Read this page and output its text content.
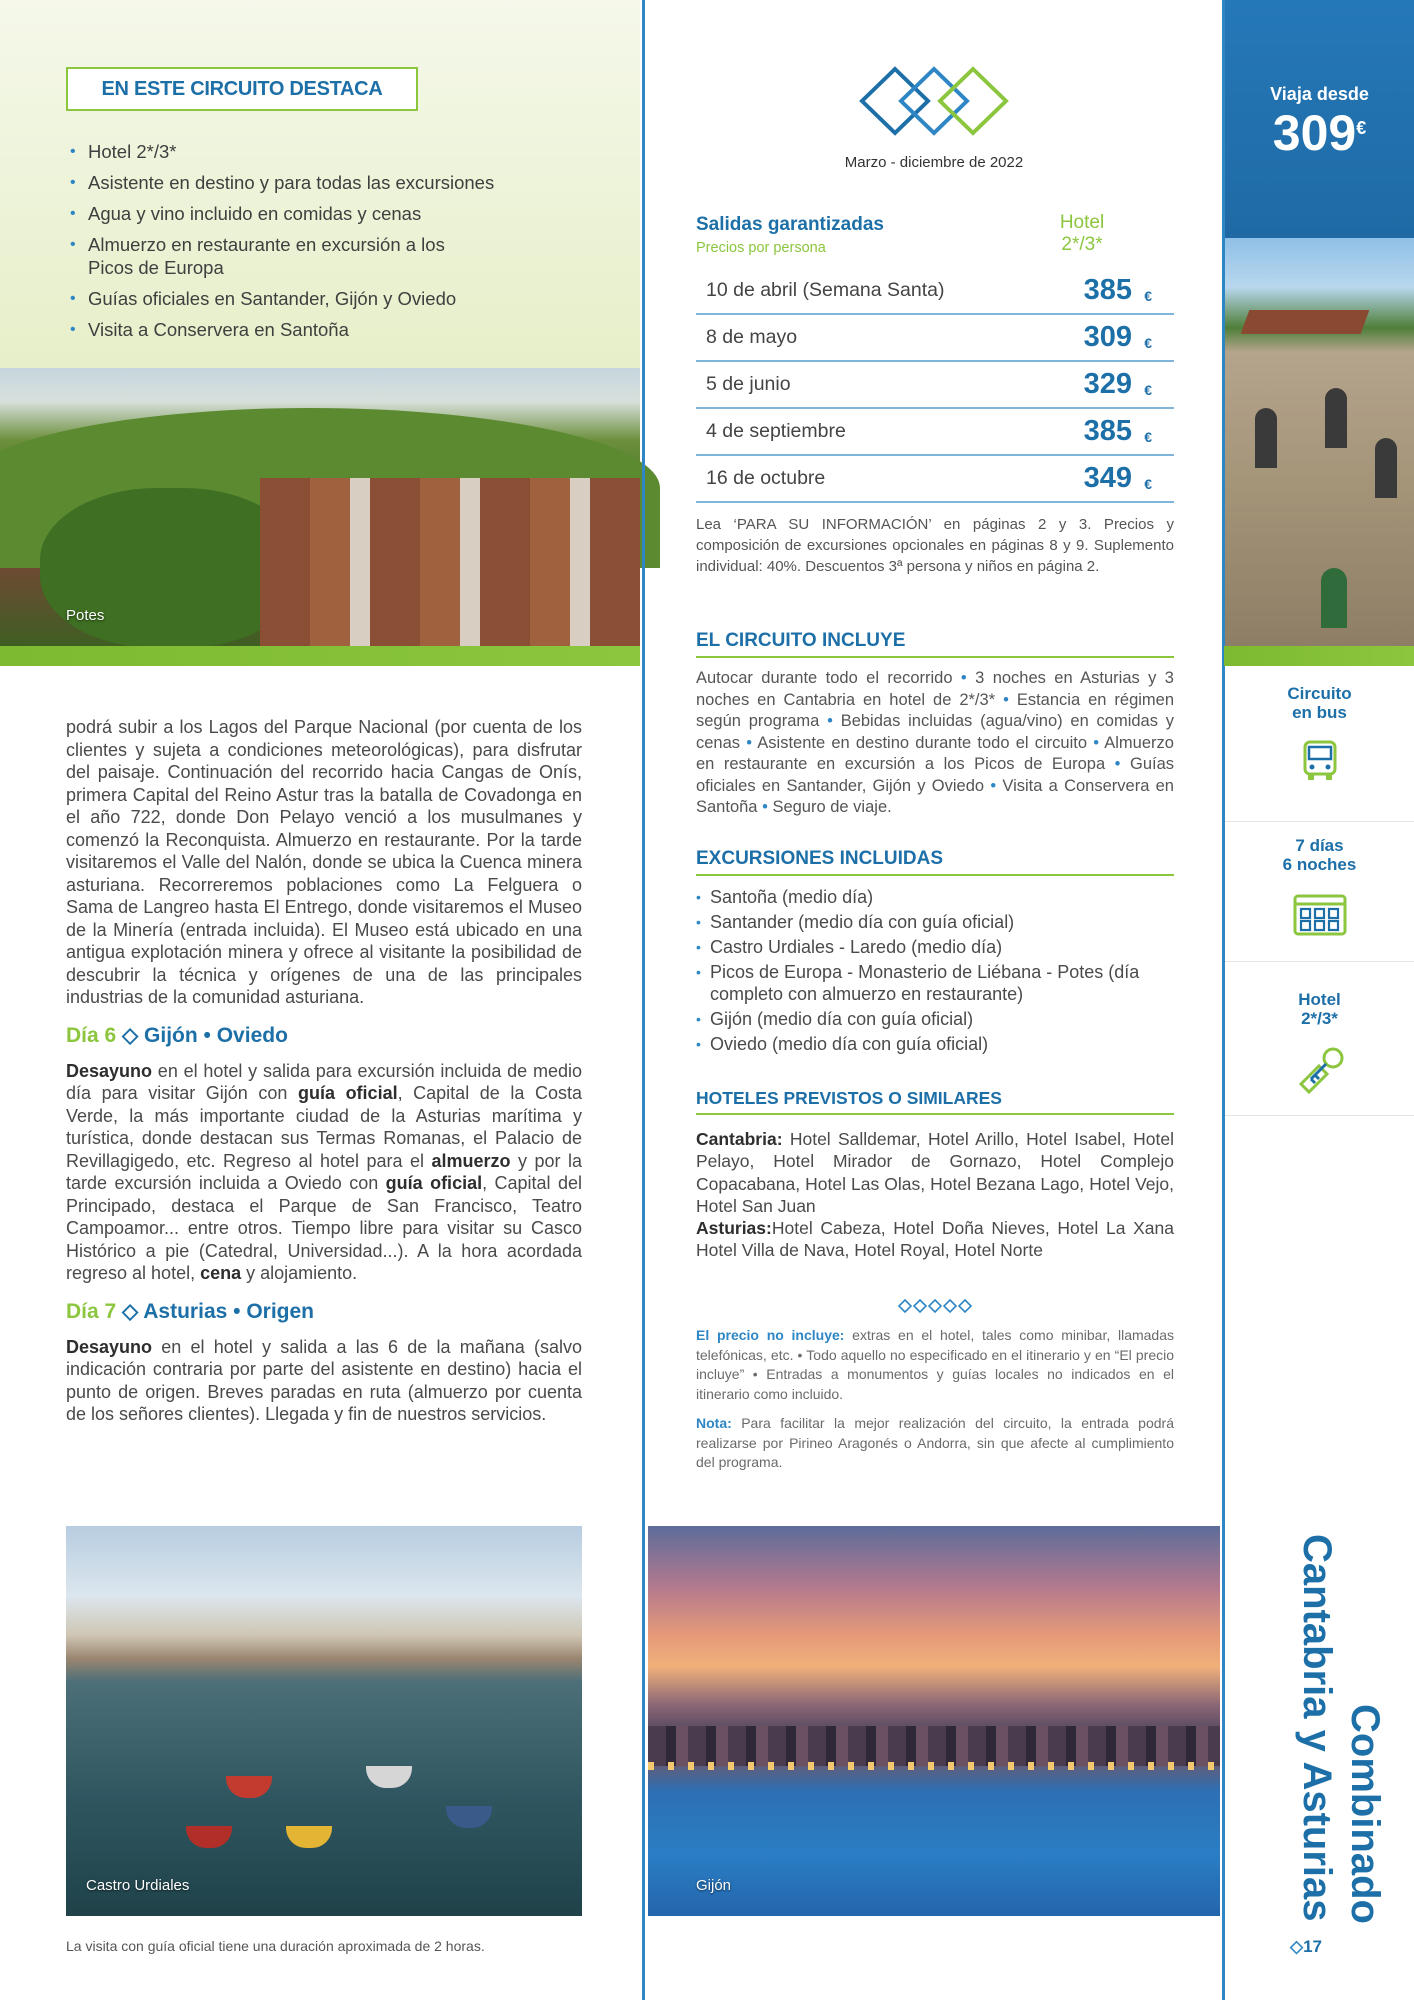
EN ESTE CIRCUITO DESTACA
• Hotel 2*/3*
• Asistente en destino y para todas las excursiones
• Agua y vino incluido en comidas y cenas
• Almuerzo en restaurante en excursión a los Picos de Europa
• Guías oficiales en Santander, Gijón y Oviedo
• Visita a Conservera en Santoña
Potes

podrá subir a los Lagos del Parque Nacional (por cuenta de los clientes y sujeta a condiciones meteorológicas), para disfrutar del paisaje. Continuación del recorrido hacia Cangas de Onís, primera Capital del Reino Astur tras la batalla de Covadonga en el año 722, donde Don Pelayo venció a los musulmanes y comenzó la Reconquista. Almuerzo en restaurante. Por la tarde visitaremos el Valle del Nalón, donde se ubica la Cuenca minera asturiana. Recorreremos poblaciones como La Felguera o Sama de Langreo hasta El Entrego, donde visitaremos el Museo de la Minería (entrada incluida). El Museo está ubicado en una antigua explotación minera y ofrece al visitante la posibilidad de descubrir la técnica y orígenes de una de las principales industrias de la comunidad asturiana.

Día 6 ◇ Gijón • Oviedo

Desayuno en el hotel y salida para excursión incluida de medio día para visitar Gijón con guía oficial, Capital de la Costa Verde, la más importante ciudad de la Asturias marítima y turística, donde destacan sus Termas Romanas, el Palacio de Revillagigedo, etc. Regreso al hotel para el almuerzo y por la tarde excursión incluida a Oviedo con guía oficial, Capital del Principado, destaca el Parque de San Francisco, Teatro Campoamor... entre otros. Tiempo libre para visitar su Casco Histórico a pie (Catedral, Universidad...). A la hora acordada regreso al hotel, cena y alojamiento.

Día 7 ◇ Asturias • Origen

Desayuno en el hotel y salida a las 6 de la mañana (salvo indicación contraria por parte del asistente en destino) hacia el punto de origen. Breves paradas en ruta (almuerzo por cuenta de los señores clientes). Llegada y fin de nuestros servicios.

Castro Urdiales
La visita con guía oficial tiene una duración aproximada de 2 horas.
Marzo - diciembre de 2022
Salidas garantizadas
Precios por persona
Hotel
2*/3*
10 de abril (Semana Santa)	385 €
8 de mayo	309 €
5 de junio	329 €
4 de septiembre	385 €
16 de octubre	349 €

Lea ‘PARA SU INFORMACIÓN’ en páginas 2 y 3. Precios y composición de excursiones opcionales en páginas 8 y 9. Suplemento individual: 40%. Descuentos 3ª persona y niños en página 2.

EL CIRCUITO INCLUYE

Autocar durante todo el recorrido • 3 noches en Asturias y 3 noches en Cantabria en hotel de 2*/3* • Estancia en régimen según programa • Bebidas incluidas (agua/vino) en comidas y cenas • Asistente en destino durante todo el circuito • Almuerzo en restaurante en excursión a los Picos de Europa • Guías oficiales en Santander, Gijón y Oviedo • Visita a Conservera en Santoña • Seguro de viaje.

EXCURSIONES INCLUIDAS
• Santoña (medio día)
• Santander (medio día con guía oficial)
• Castro Urdiales - Laredo (medio día)
• Picos de Europa - Monasterio de Liébana - Potes (día completo con almuerzo en restaurante)
• Gijón (medio día con guía oficial)
• Oviedo (medio día con guía oficial)
HOTELES PREVISTOS O SIMILARES

Cantabria: Hotel Salldemar, Hotel Arillo, Hotel Isabel, Hotel Pelayo, Hotel Mirador de Gornazo, Hotel Complejo Copacabana, Hotel Las Olas, Hotel Bezana Lago, Hotel Vejo, Hotel San Juan
Asturias:Hotel Cabeza, Hotel Doña Nieves, Hotel La Xana Hotel Villa de Nava, Hotel Royal, Hotel Norte

El precio no incluye: extras en el hotel, tales como minibar, llamadas telefónicas, etc. • Todo aquello no especificado en el itinerario y en “El precio incluye” • Entradas a monumentos y guías locales no indicados en el itinerario como incluido.

Nota: Para facilitar la mejor realización del circuito, la entrada podrá realizarse por Pirineo Aragonés o Andorra, sin que afecte al cumplimiento del programa.

Gijón
Viaja desde
309€
Circuito
en bus
7 días
6 noches
Hotel
2*/3*
Combinado
Cantabria y Asturias
◇17
